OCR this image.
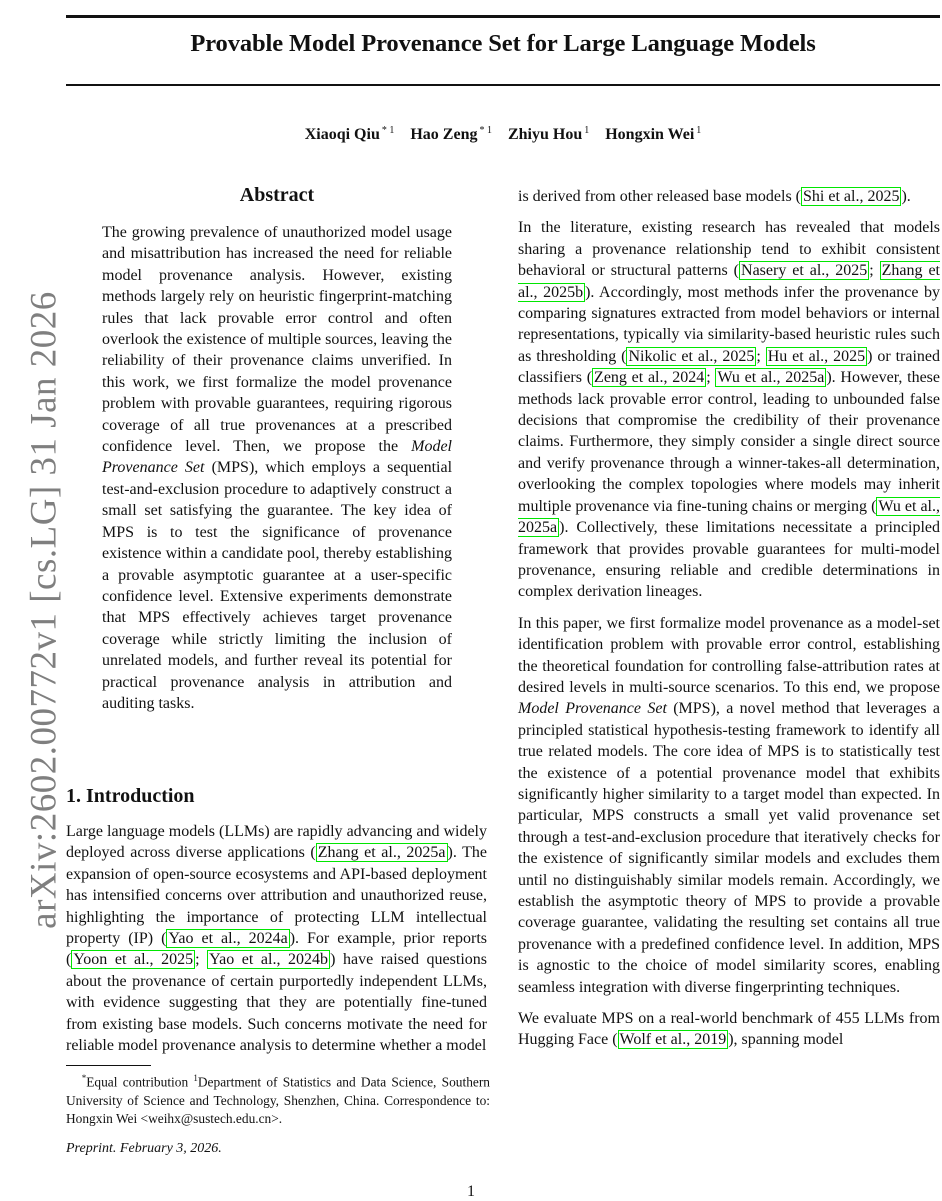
Provable Model Provenance Set for Large Language Models
Xiaoqi Qiu $^{* 1}$ Hao Zeng $^{* 1}$ Zhiyu Hou $^1$ Hongxin Wei $^1$
arXiv:2602.00772v1 [cs.LG] 31 Jan 2026
Abstract
The growing prevalence of unauthorized model usage and misattribution has increased the need for reliable model provenance analysis. However, existing methods largely rely on heuristic fingerprint-matching rules that lack provable error control and often overlook the existence of multiple sources, leaving the reliability of their provenance claims unverified. In this work, we first formalize the model provenance problem with provable guarantees, requiring rigorous coverage of all true provenances at a prescribed confidence level. Then, we propose the Model Provenance Set (MPS), which employs a sequential test-and-exclusion procedure to adaptively construct a small set satisfying the guarantee. The key idea of MPS is to test the significance of provenance existence within a candidate pool, thereby establishing a provable asymptotic guarantee at a user-specific confidence level. Extensive experiments demonstrate that MPS effectively achieves target provenance coverage while strictly limiting the inclusion of unrelated models, and further reveal its potential for practical provenance analysis in attribution and auditing tasks.
1. Introduction
Large language models (LLMs) are rapidly advancing and widely deployed across diverse applications ( Zhang et al., 2025a ). The expansion of open-source ecosystems and API-based deployment has intensified concerns over attribution and unauthorized reuse, highlighting the importance of protecting LLM intellectual property (IP) ( Yao et al., 2024a ). For example, prior reports ( Yoon et al., 2025 ; Yao et al., 2024b ) have raised questions about the provenance of certain purportedly independent LLMs, with evidence suggesting that they are potentially fine-tuned from existing base models. Such concerns motivate the need for reliable model provenance analysis to determine whether a model

is derived from other released base models ( Shi et al., 2025 ).

In the literature, existing research has revealed that models sharing a provenance relationship tend to exhibit consistent behavioral or structural patterns ( Nasery et al., 2025 ; Zhang et al., 2025b ). Accordingly, most methods infer the provenance by comparing signatures extracted from model behaviors or internal representations, typically via similarity-based heuristic rules such as thresholding ( Nikolic et al., 2025 ; Hu et al., 2025 ) or trained classifiers ( Zeng et al., 2024 ; Wu et al., 2025a ). However, these methods lack provable error control, leading to unbounded false decisions that compromise the credibility of their provenance claims. Furthermore, they simply consider a single direct source and verify provenance through a winner-takes-all determination, overlooking the complex topologies where models may inherit multiple provenance via fine-tuning chains or merging ( Wu et al., 2025a ). Collectively, these limitations necessitate a principled framework that provides provable guarantees for multi-model provenance, ensuring reliable and credible determinations in complex derivation lineages.

In this paper, we first formalize model provenance as a model-set identification problem with provable error control, establishing the theoretical foundation for controlling false-attribution rates at desired levels in multi-source scenarios. To this end, we propose Model Provenance Set (MPS), a novel method that leverages a principled statistical hypothesis-testing framework to identify all true related models. The core idea of MPS is to statistically test the existence of a potential provenance model that exhibits significantly higher similarity to a target model than expected. In particular, MPS constructs a small yet valid provenance set through a test-and-exclusion procedure that iteratively checks for the existence of significantly similar models and excludes them until no distinguishably similar models remain. Accordingly, we establish the asymptotic theory of MPS to provide a provable coverage guarantee, validating the resulting set contains all true provenance with a predefined confidence level. In addition, MPS is agnostic to the choice of model similarity scores, enabling seamless integration with diverse fingerprinting techniques.

We evaluate MPS on a real-world benchmark of 455 LLMs from Hugging Face ( Wolf et al., 2019 ), spanning model

*Equal contribution $^1$Department of Statistics and Data Science, Southern University of Science and Technology, Shenzhen, China. Correspondence to: Hongxin Wei <weihx@sustech.edu.cn>.
Preprint. February 3, 2026.
1
